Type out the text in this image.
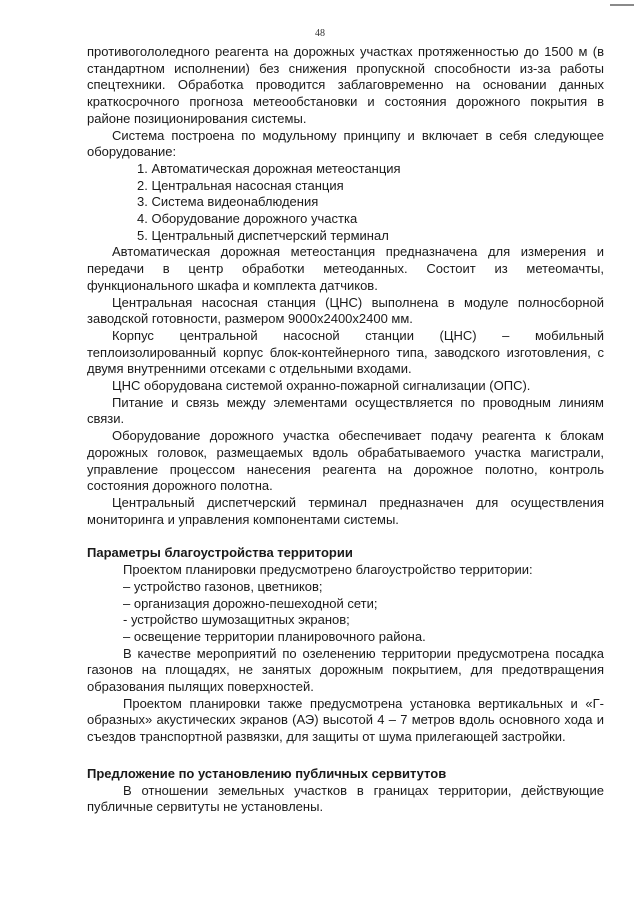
48

противогололедного реагента на дорожных участках протяженностью до 1500 м (в стандартном исполнении) без снижения пропускной способности из-за работы спецтехники. Обработка проводится заблаговременно на основании данных краткосрочного прогноза метеообстановки и состояния дорожного покрытия в районе позиционирования системы.

Система построена по модульному принципу и включает в себя следующее оборудование:

1. Автоматическая дорожная метеостанция

2. Центральная насосная станция

3. Система видеонаблюдения

4. Оборудование дорожного участка

5. Центральный диспетчерский терминал

Автоматическая дорожная метеостанция предназначена для измерения и передачи в центр обработки метеоданных. Состоит из метеомачты, функционального шкафа и комплекта датчиков.

Центральная насосная станция (ЦНС) выполнена в модуле полносборной заводской готовности, размером 9000х2400х2400 мм.

Корпус центральной насосной станции (ЦНС) – мобильный теплоизолированный корпус блок-контейнерного типа, заводского изготовления, с двумя внутренними отсеками с отдельными входами.

ЦНС оборудована системой охранно-пожарной сигнализации (ОПС).

Питание и связь между элементами осуществляется по проводным линиям связи.

Оборудование дорожного участка обеспечивает подачу реагента к блокам дорожных головок, размещаемых вдоль обрабатываемого участка магистрали, управление процессом нанесения реагента на дорожное полотно, контроль состояния дорожного полотна.

Центральный диспетчерский терминал предназначен для осуществления мониторинга и управления компонентами системы.

Параметры благоустройства территории

Проектом планировки предусмотрено благоустройство территории:

– устройство газонов, цветников;

– организация дорожно-пешеходной сети;

- устройство шумозащитных экранов;

– освещение территории планировочного района.

В качестве мероприятий по озеленению территории предусмотрена посадка газонов на площадях, не занятых дорожным покрытием, для предотвращения образования пылящих поверхностей.

Проектом планировки также предусмотрена установка вертикальных и «Г-образных» акустических экранов (АЭ) высотой 4 – 7 метров вдоль основного хода и съездов транспортной развязки, для защиты от шума прилегающей застройки.

Предложение по установлению публичных сервитутов

В отношении земельных участков в границах территории, действующие публичные сервитуты не установлены.
